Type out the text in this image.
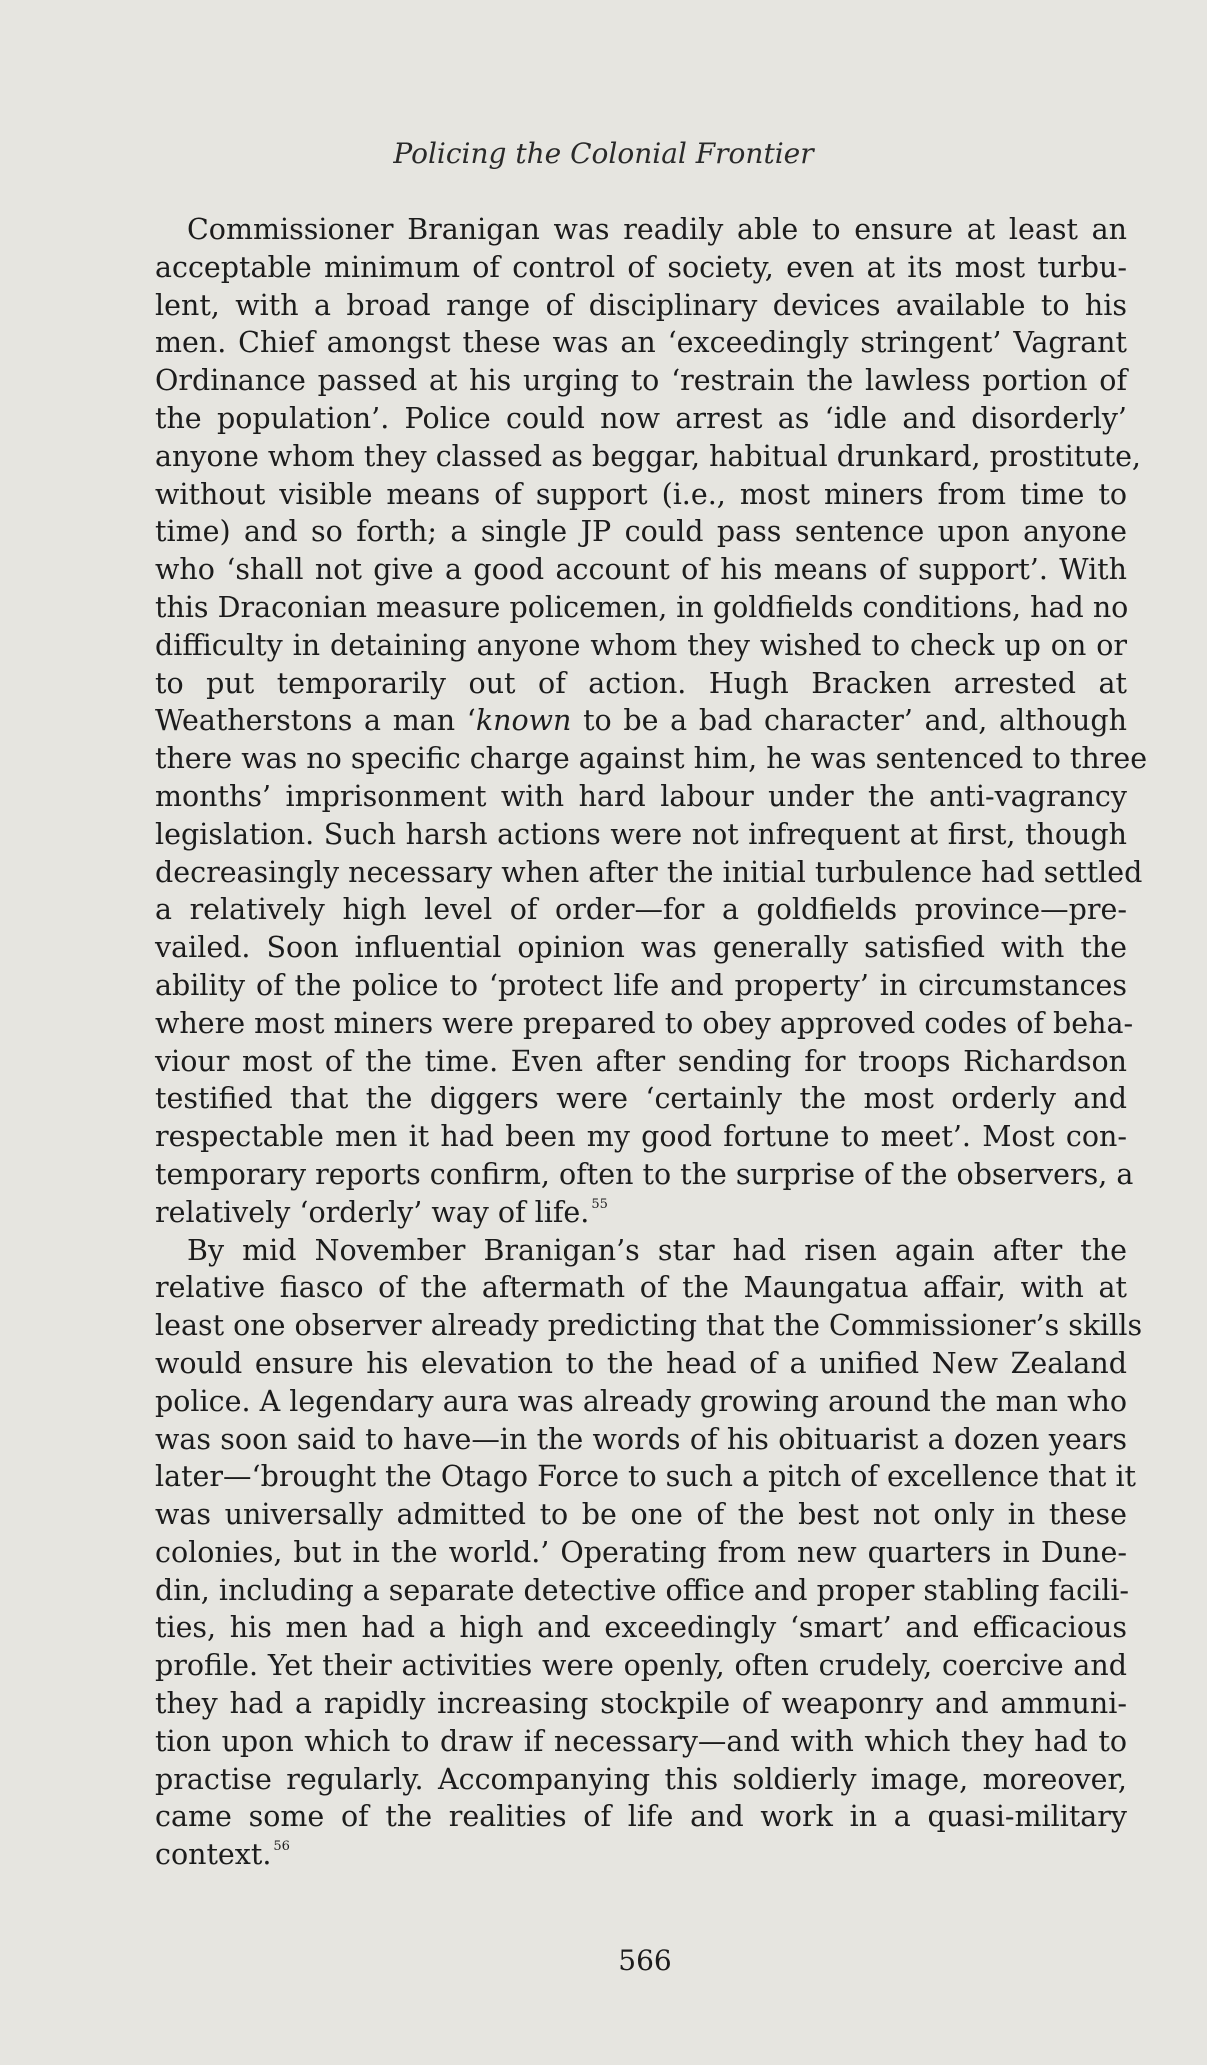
Policing the Colonial Frontier
Commissioner Branigan was readily able to ensure at least an
acceptable minimum of control of society, even at its most turbu-
lent, with a broad range of disciplinary devices available to his
men. Chief amongst these was an ‘exceedingly stringent’ Vagrant
Ordinance passed at his urging to ‘restrain the lawless portion of
the population’. Police could now arrest as ‘idle and disorderly’
anyone whom they classed as beggar, habitual drunkard, prostitute,
without visible means of support (i.e., most miners from time to
time) and so forth; a single JP could pass sentence upon anyone
who ‘shall not give a good account of his means of support’. With
this Draconian measure policemen, in goldfields conditions, had no
difficulty in detaining anyone whom they wished to check up on or
to put temporarily out of action. Hugh Bracken arrested at
Weatherstons a man ‘known to be a bad character’ and, although
there was no specific charge against him, he was sentenced to three
months’ imprisonment with hard labour under the anti-vagrancy
legislation. Such harsh actions were not infrequent at first, though
decreasingly necessary when after the initial turbulence had settled
a relatively high level of order—for a goldfields province—pre-
vailed. Soon influential opinion was generally satisfied with the
ability of the police to ‘protect life and property’ in circumstances
where most miners were prepared to obey approved codes of beha-
viour most of the time. Even after sending for troops Richardson
testified that the diggers were ‘certainly the most orderly and
respectable men it had been my good fortune to meet’. Most con-
temporary reports confirm, often to the surprise of the observers, a
relatively ‘orderly’ way of life. $^{55}$
By mid November Branigan’s star had risen again after the
relative fiasco of the aftermath of the Maungatua affair, with at
least one observer already predicting that the Commissioner’s skills
would ensure his elevation to the head of a unified New Zealand
police. A legendary aura was already growing around the man who
was soon said to have—in the words of his obituarist a dozen years
later—‘brought the Otago Force to such a pitch of excellence that it
was universally admitted to be one of the best not only in these
colonies, but in the world.’ Operating from new quarters in Dune-
din, including a separate detective office and proper stabling facili-
ties, his men had a high and exceedingly ‘smart’ and efficacious
profile. Yet their activities were openly, often crudely, coercive and
they had a rapidly increasing stockpile of weaponry and ammuni-
tion upon which to draw if necessary—and with which they had to
practise regularly. Accompanying this soldierly image, moreover,
came some of the realities of life and work in a quasi-military
context. $^{56}$
566
